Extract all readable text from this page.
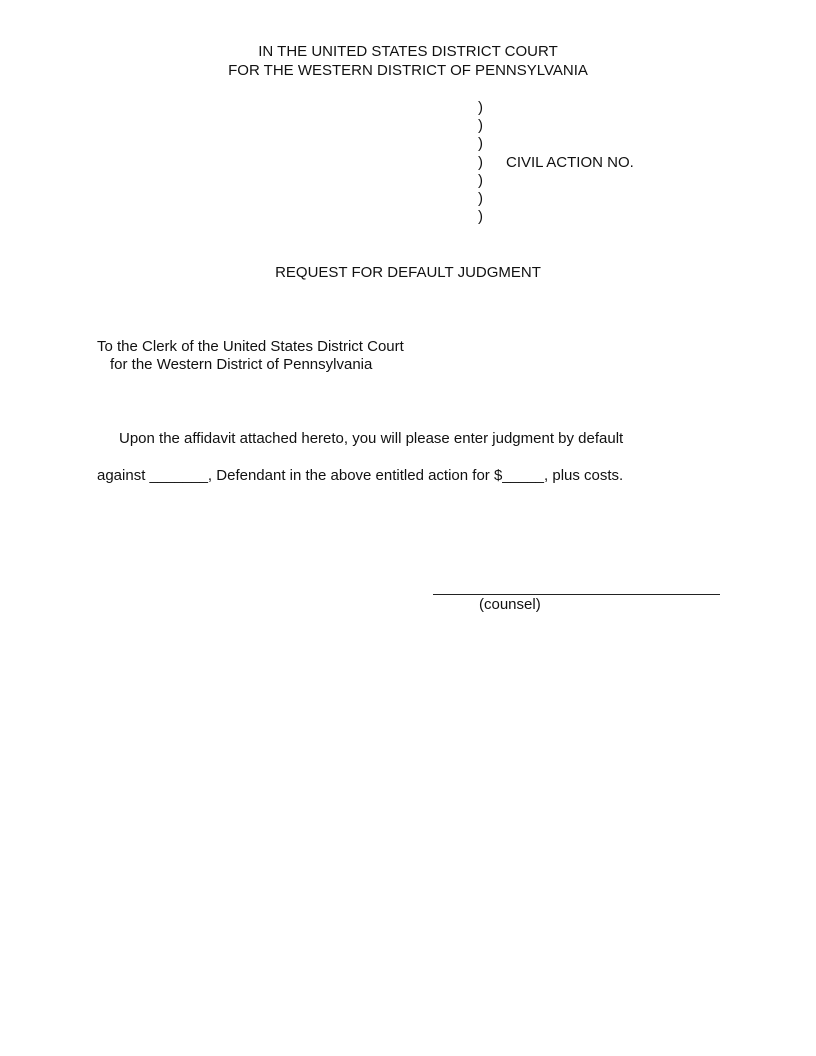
IN THE UNITED STATES DISTRICT COURT
FOR THE WESTERN DISTRICT OF PENNSYLVANIA
)
)
)
)
)
)
)
CIVIL ACTION NO.
REQUEST FOR DEFAULT JUDGMENT
To the Clerk of the United States District Court
for the Western District of Pennsylvania
Upon the affidavit attached hereto, you will please enter judgment by default
against _______, Defendant in the above entitled action for $_____, plus costs.
(counsel)
